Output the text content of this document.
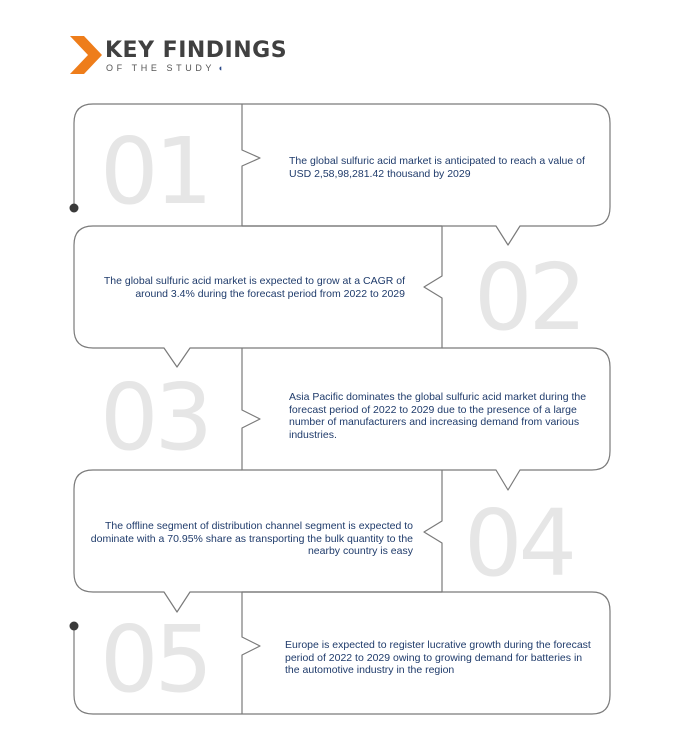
KEY FINDINGS
OF THE STUDY ◖
01	The global sulfuric acid market is anticipated to reach a value of USD 2,58,98,281.42 thousand by 2029
02
The global sulfuric acid market is expected to grow at a CAGR of around 3.4% during the forecast period from 2022 to 2029
03	Asia Pacific dominates the global sulfuric acid market during the forecast period of 2022 to 2029 due to the presence of a large number of manufacturers and increasing demand from various industries.
04
The offline segment of distribution channel segment is expected to dominate with a 70.95% share as transporting the bulk quantity to the nearby country is easy
05	Europe is expected to register lucrative growth during the forecast period of 2022 to 2029 owing to growing demand for batteries in the automotive industry in the region
